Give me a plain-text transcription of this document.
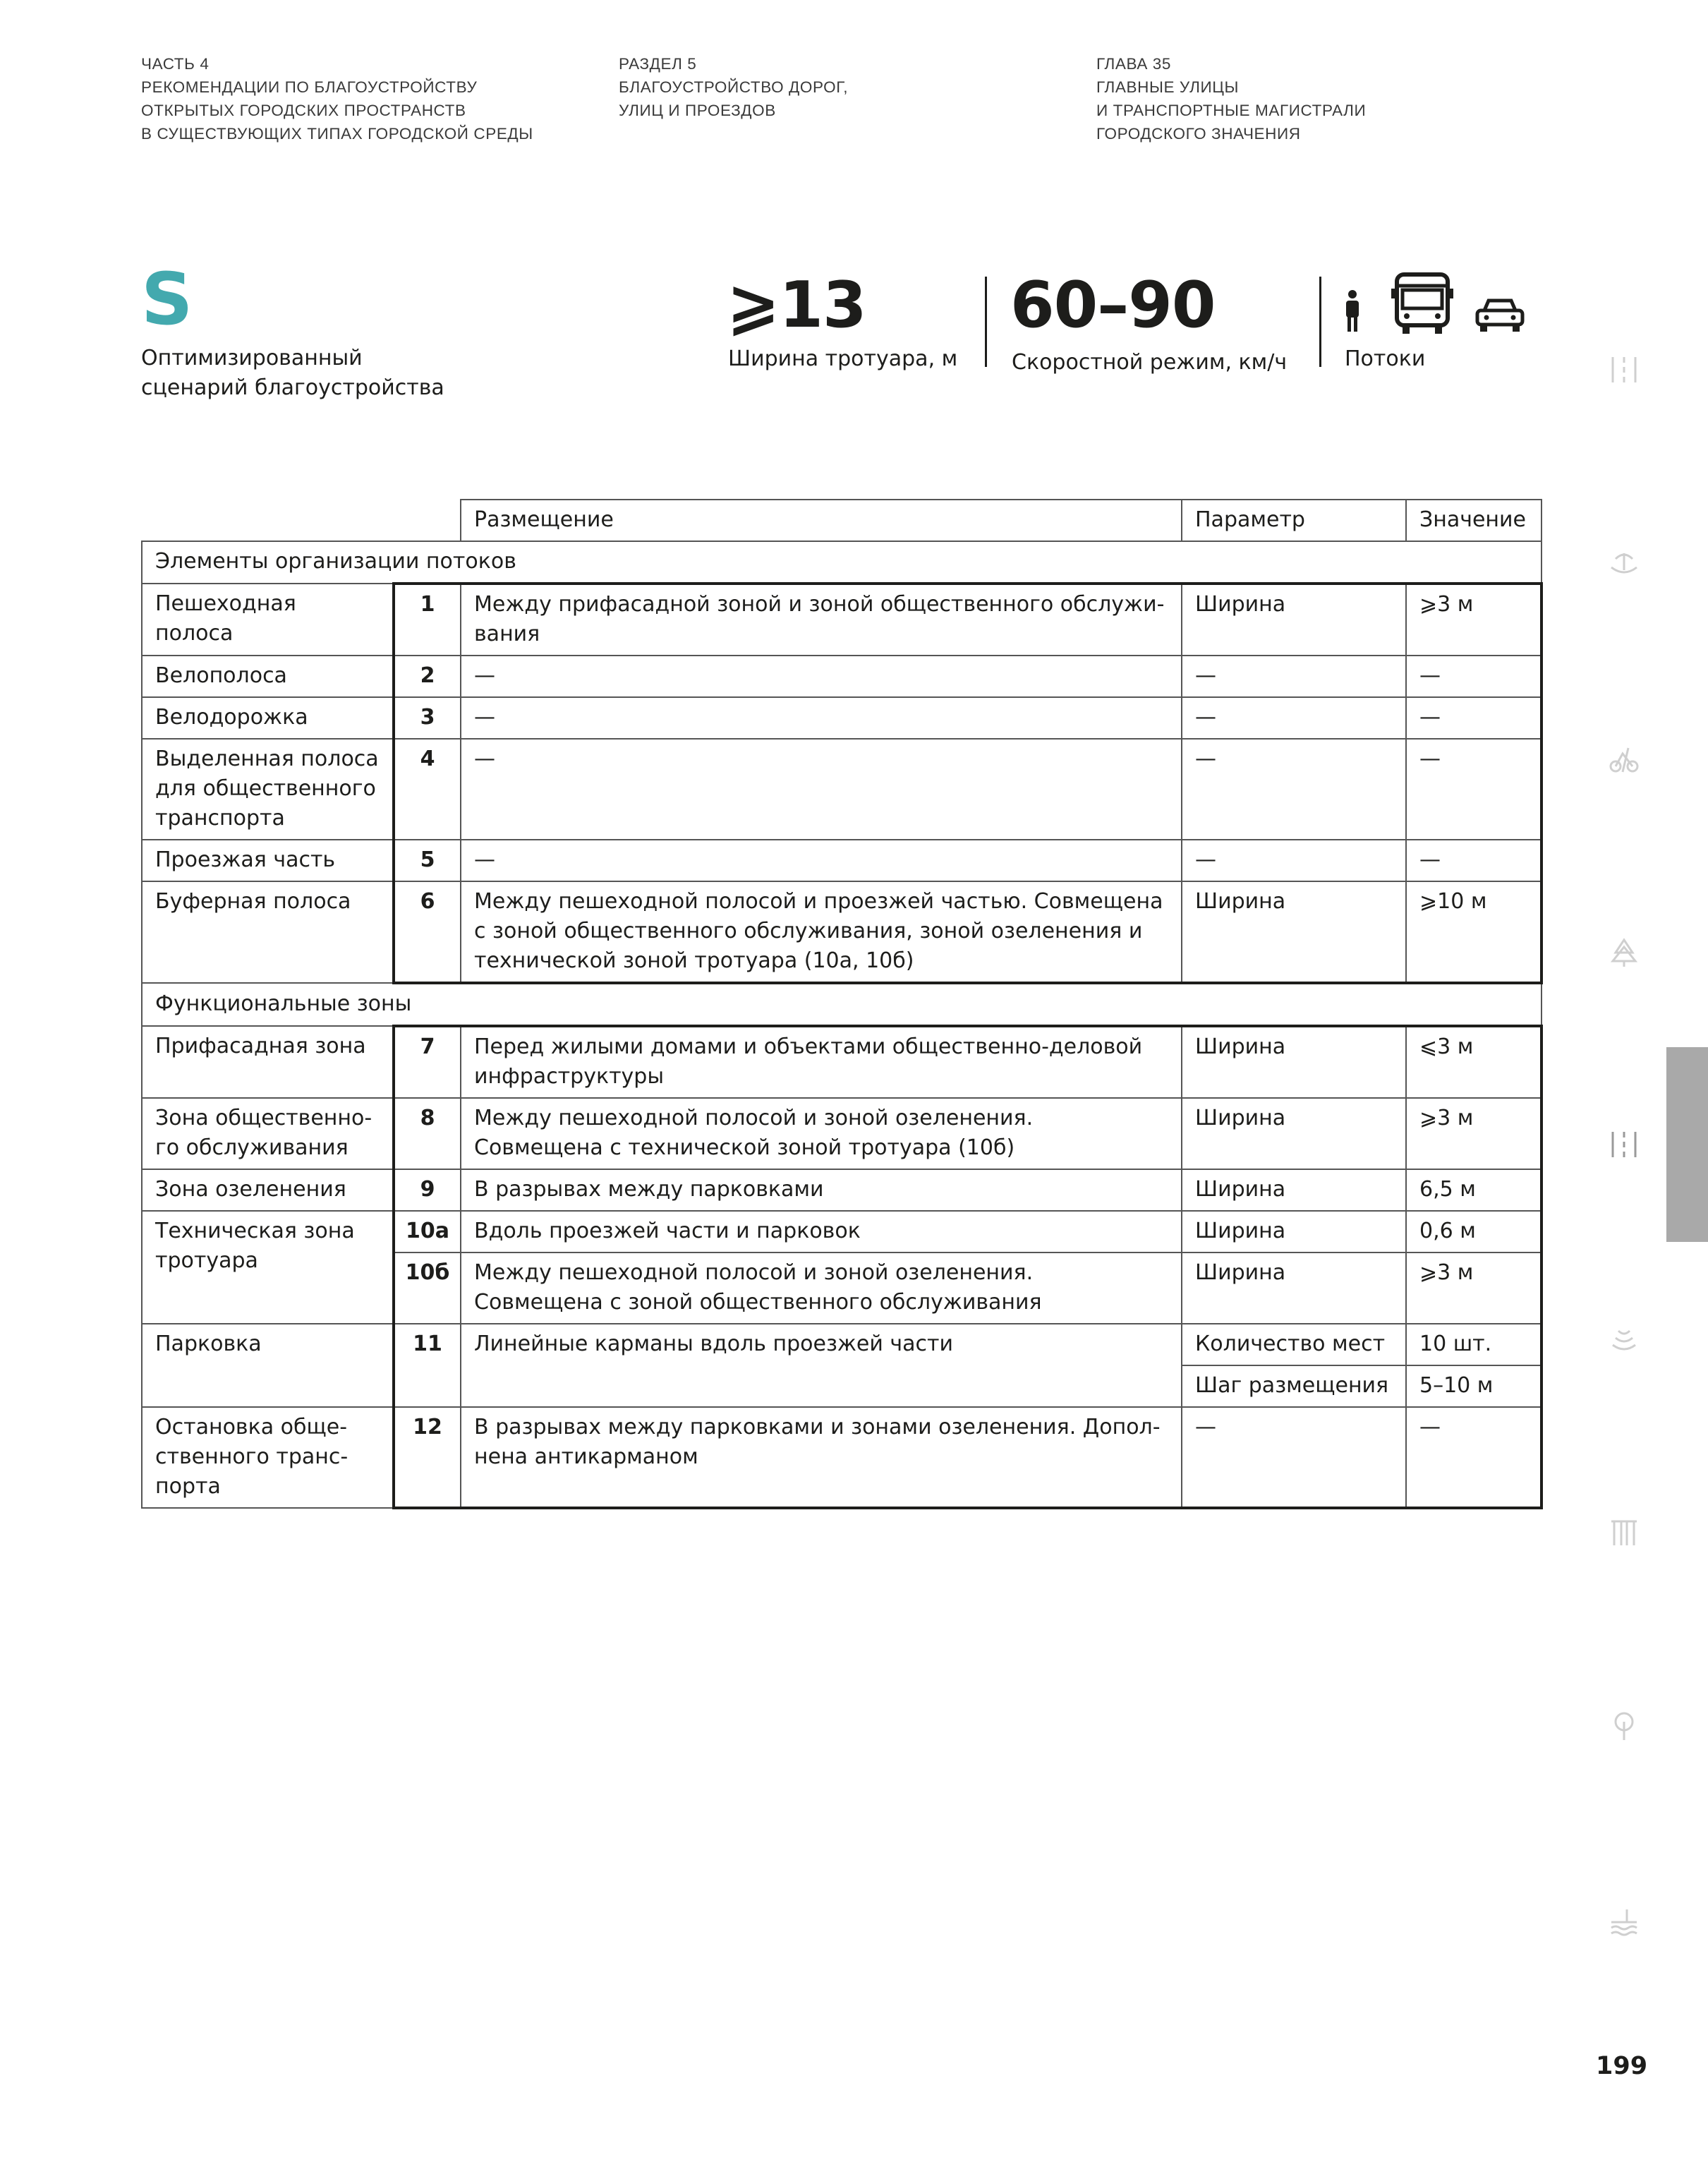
ЧАСТЬ 4
РЕКОМЕНДАЦИИ ПО БЛАГОУСТРОЙСТВУ
ОТКРЫТЫХ ГОРОДСКИХ ПРОСТРАНСТВ
В СУЩЕСТВУЮЩИХ ТИПАХ ГОРОДСКОЙ СРЕДЫ
РАЗДЕЛ 5
БЛАГОУСТРОЙСТВО ДОРОГ,
УЛИЦ И ПРОЕЗДОВ
ГЛАВА 35
ГЛАВНЫЕ УЛИЦЫ
И ТРАНСПОРТНЫЕ МАГИСТРАЛИ
ГОРОДСКОГО ЗНАЧЕНИЯ
S
Оптимизированный
сценарий благоустройства
⩾13
Ширина тротуара, м
60–90
Скоростной режим, км/ч	Потоки
		Размещение	Параметр	Значение
Элементы организации потоков				
Пешеходная полоса	1	Между прифасадной зоной и зоной общественного обслужи-вания	Ширина	⩾3 м
Велополоса	2	—	—	—
Велодорожка	3	—	—	—
Выделенная полоса для общественного транспорта	4	—	—	—
Проезжая часть	5	—	—	—
Буферная полоса	6	Между пешеходной полосой и проезжей частью. Совмещена с зоной общественного обслуживания, зоной озеленения и технической зоной тротуара (10а, 10б)	Ширина	⩾10 м
Функциональные зоны				
Прифасадная зона	7	Перед жилыми домами и объектами общественно-деловой инфраструктуры	Ширина	⩽3 м
Зона общественно-го обслуживания	8	Между пешеходной полосой и зоной озеленения. Совмещена с технической зоной тротуара (10б)	Ширина	⩾3 м
Зона озеленения	9	В разрывах между парковками	Ширина	6,5 м
Техническая зона тротуара	10а	Вдоль проезжей части и парковок	Ширина	0,6 м
	10б	Между пешеходной полосой и зоной озеленения. Совмещена с зоной общественного обслуживания	Ширина	⩾3 м
Парковка	11	Линейные карманы вдоль проезжей части	Количество мест	10 шт.
			Шаг размещения	5–10 м
Остановка обще-ственного транс-порта	12	В разрывах между парковками и зонами озеленения. Допол-нена антикарманом	—	—
199
